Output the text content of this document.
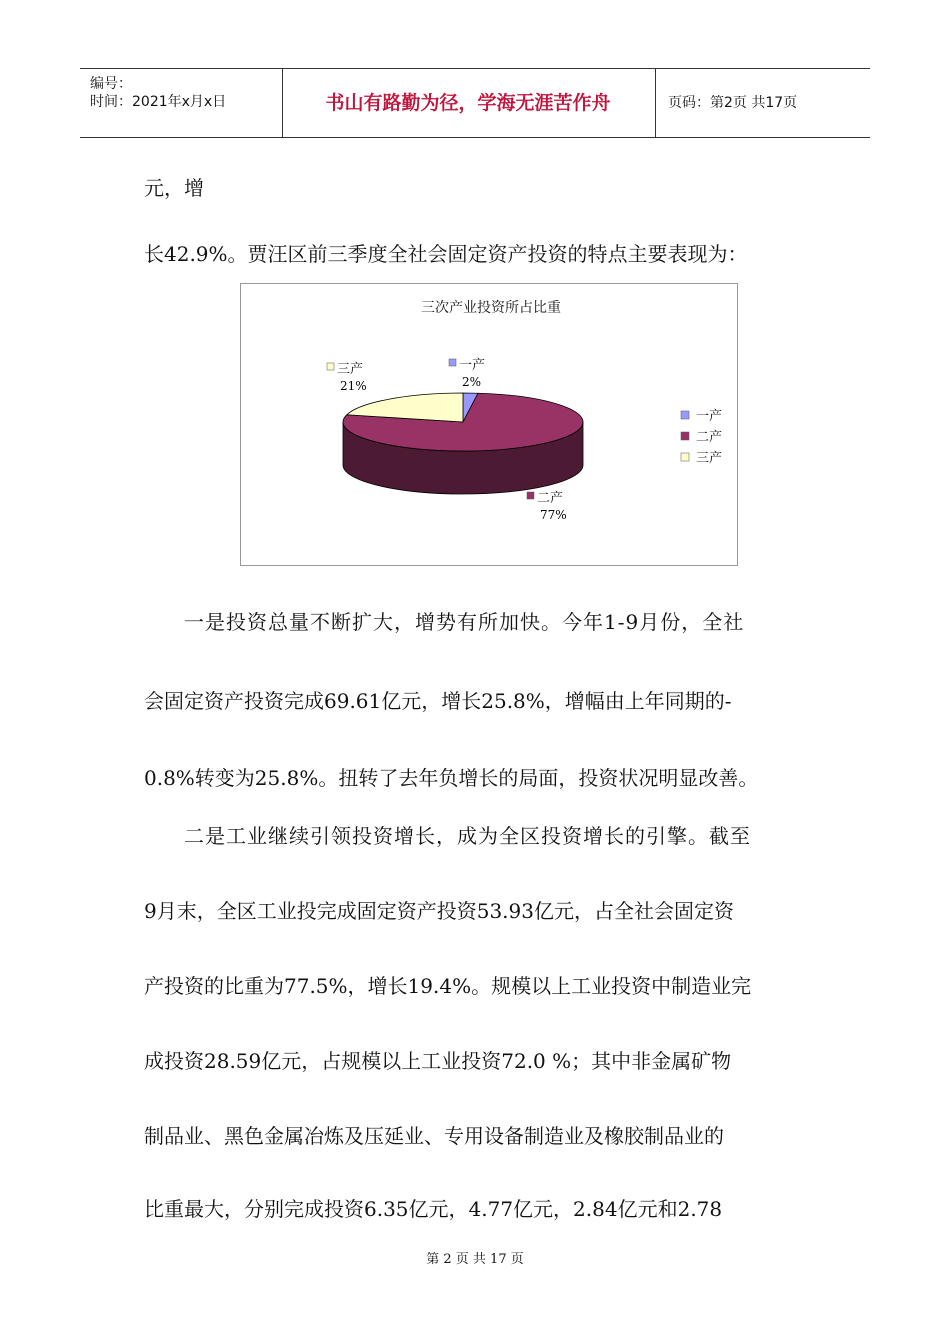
编号：
时间：2021年x月x日	书山有路勤为径，学海无涯苦作舟	页码：第2页 共17页
元，增
长42.9%。贾汪区前三季度全社会固定资产投资的特点主要表现为：
三次产业投资所占比重
一产
2%
二产
77%
三产
21%
一产
二产
三产
一是投资总量不断扩大，增势有所加快。今年1-9月份，全社
会固定资产投资完成69.61亿元，增长25.8%，增幅由上年同期的-
0.8%转变为25.8%。扭转了去年负增长的局面，投资状况明显改善。
二是工业继续引领投资增长，成为全区投资增长的引擎。截至
9月末，全区工业投完成固定资产投资53.93亿元，占全社会固定资
产投资的比重为77.5%，增长19.4%。规模以上工业投资中制造业完
成投资28.59亿元，占规模以上工业投资72.0 %；其中非金属矿物
制品业、黑色金属冶炼及压延业、专用设备制造业及橡胶制品业的
比重最大，分别完成投资6.35亿元，4.77亿元，2.84亿元和2.78
第 2 页 共 17 页
